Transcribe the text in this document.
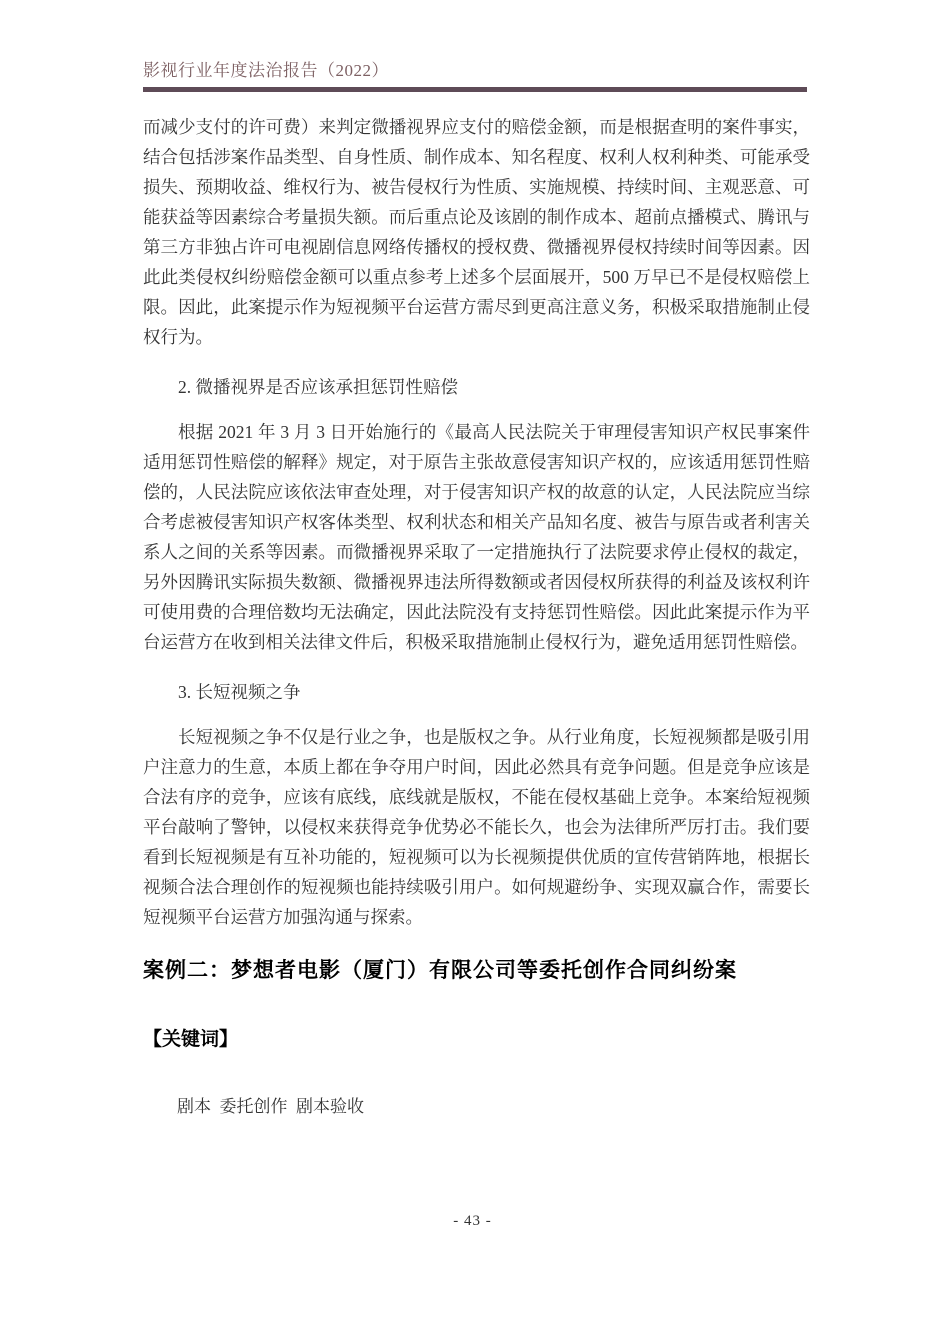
影视行业年度法治报告（2022）

而减少支付的许可费）来判定微播视界应支付的赔偿金额，而是根据查明的案件事实，结合包括涉案作品类型、自身性质、制作成本、知名程度、权利人权利种类、可能承受损失、预期收益、维权行为、被告侵权行为性质、实施规模、持续时间、主观恶意、可能获益等因素综合考量损失额。而后重点论及该剧的制作成本、超前点播模式、腾讯与第三方非独占许可电视剧信息网络传播权的授权费、微播视界侵权持续时间等因素。因此此类侵权纠纷赔偿金额可以重点参考上述多个层面展开，500 万早已不是侵权赔偿上限。因此，此案提示作为短视频平台运营方需尽到更高注意义务，积极采取措施制止侵权行为。

2. 微播视界是否应该承担惩罚性赔偿

根据 2021 年 3 月 3 日开始施行的《最高人民法院关于审理侵害知识产权民事案件适用惩罚性赔偿的解释》规定，对于原告主张故意侵害知识产权的，应该适用惩罚性赔偿的，人民法院应该依法审查处理，对于侵害知识产权的故意的认定，人民法院应当综合考虑被侵害知识产权客体类型、权利状态和相关产品知名度、被告与原告或者利害关系人之间的关系等因素。而微播视界采取了一定措施执行了法院要求停止侵权的裁定，另外因腾讯实际损失数额、微播视界违法所得数额或者因侵权所获得的利益及该权利许可使用费的合理倍数均无法确定，因此法院没有支持惩罚性赔偿。因此此案提示作为平台运营方在收到相关法律文件后，积极采取措施制止侵权行为，避免适用惩罚性赔偿。

3. 长短视频之争

长短视频之争不仅是行业之争，也是版权之争。从行业角度，长短视频都是吸引用户注意力的生意，本质上都在争夺用户时间，因此必然具有竞争问题。但是竞争应该是合法有序的竞争，应该有底线，底线就是版权，不能在侵权基础上竞争。本案给短视频平台敲响了警钟，以侵权来获得竞争优势必不能长久，也会为法律所严厉打击。我们要看到长短视频是有互补功能的，短视频可以为长视频提供优质的宣传营销阵地，根据长视频合法合理创作的短视频也能持续吸引用户。如何规避纷争、实现双赢合作，需要长短视频平台运营方加强沟通与探索。

案例二：梦想者电影（厦门）有限公司等委托创作合同纠纷案
【关键词】
剧本  委托创作  剧本验收
- 43 -
